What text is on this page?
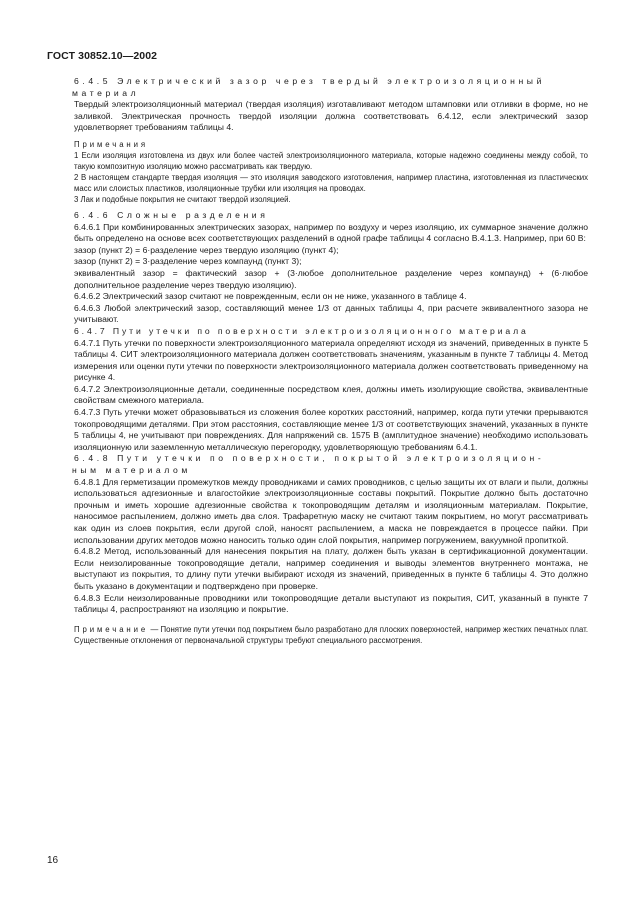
ГОСТ 30852.10—2002

6.4.5 Электрический зазор через твердый электроизоляционный

материал

Твердый электроизоляционный материал (твердая изоляция) изготавливают методом штамповки или отливки в форме, но не заливкой. Электрическая прочность твердой изоляции должна соответствовать 6.4.12, если электрический зазор удовлетворяет требованиям таблицы 4.

Примечания

1 Если изоляция изготовлена из двух или более частей электроизоляционного материала, которые надежно соединены между собой, то такую композитную изоляцию можно рассматривать как твердую.

2 В настоящем стандарте твердая изоляция — это изоляция заводского изготовления, например пластина, изготовленная из пластических масс или слоистых пластиков, изоляционные трубки или изоляция на проводах.

3 Лак и подобные покрытия не считают твердой изоляцией.

6.4.6 Сложные разделения

6.4.6.1 При комбинированных электрических зазорах, например по воздуху и через изоляцию, их суммарное значение должно быть определено на основе всех соответствующих разделений в одной графе таблицы 4 согласно В.4.1.3. Например, при 60 В:

зазор (пункт 2) = 6·разделение через твердую изоляцию (пункт 4);

зазор (пункт 2) = 3·разделение через компаунд (пункт 3);

эквивалентный зазор = фактический зазор + (3·любое дополнительное разделение через компаунд) + (6·любое дополнительное разделение через твердую изоляцию).

6.4.6.2 Электрический зазор считают не поврежденным, если он не ниже, указанного в таблице 4.

6.4.6.3 Любой электрический зазор, составляющий менее 1/3 от данных таблицы 4, при расчете эквивалентного зазора не учитывают.

6.4.7 Пути утечки по поверхности электроизоляционного материала

6.4.7.1 Путь утечки по поверхности электроизоляционного материала определяют исходя из значений, приведенных в пункте 5 таблицы 4. СИТ электроизоляционного материала должен соответствовать значениям, указанным в пункте 7 таблицы 4. Метод измерения или оценки пути утечки по поверхности электроизоляционного материала должен соответствовать приведенному на рисунке 4.

6.4.7.2 Электроизоляционные детали, соединенные посредством клея, должны иметь изолирующие свойства, эквивалентные свойствам смежного материала.

6.4.7.3 Путь утечки может образовываться из сложения более коротких расстояний, например, когда пути утечки прерываются токопроводящими деталями. При этом расстояния, составляющие менее 1/3 от соответствующих значений, указанных в пункте 5 таблицы 4, не учитывают при повреждениях. Для напряжений св. 1575 В (амплитудное значение) необходимо использовать изоляционную или заземленную металлическую перегородку, удовлетворяющую требованиям 6.4.1.

6.4.8 Пути утечки по поверхности, покрытой электроизоляцион-

ным материалом

6.4.8.1 Для герметизации промежутков между проводниками и самих проводников, с целью защиты их от влаги и пыли, должны использоваться адгезионные и влагостойкие электроизоляционные составы покрытий. Покрытие должно быть достаточно прочным и иметь хорошие адгезионные свойства к токопроводящим деталям и изоляционным материалам. Покрытие, наносимое распылением, должно иметь два слоя. Трафаретную маску не считают таким покрытием, но могут рассматривать как один из слоев покрытия, если другой слой, наносят распылением, а маска не повреждается в процессе пайки. При использовании других методов можно наносить только один слой покрытия, например погружением, вакуумной пропиткой.

6.4.8.2 Метод, использованный для нанесения покрытия на плату, должен быть указан в сертификационной документации. Если неизолированные токопроводящие детали, например соединения и выводы элементов внутреннего монтажа, не выступают из покрытия, то длину пути утечки выбирают исходя из значений, приведенных в пункте 6 таблицы 4. Это должно быть указано в документации и подтверждено при проверке.

6.4.8.3 Если неизолированные проводники или токопроводящие детали выступают из покрытия, СИТ, указанный в пункте 7 таблицы 4, распространяют на изоляцию и покрытие.

Примечание — Понятие пути утечки под покрытием было разработано для плоских поверхностей, например жестких печатных плат. Существенные отклонения от первоначальной структуры требуют специального рассмотрения.

16
